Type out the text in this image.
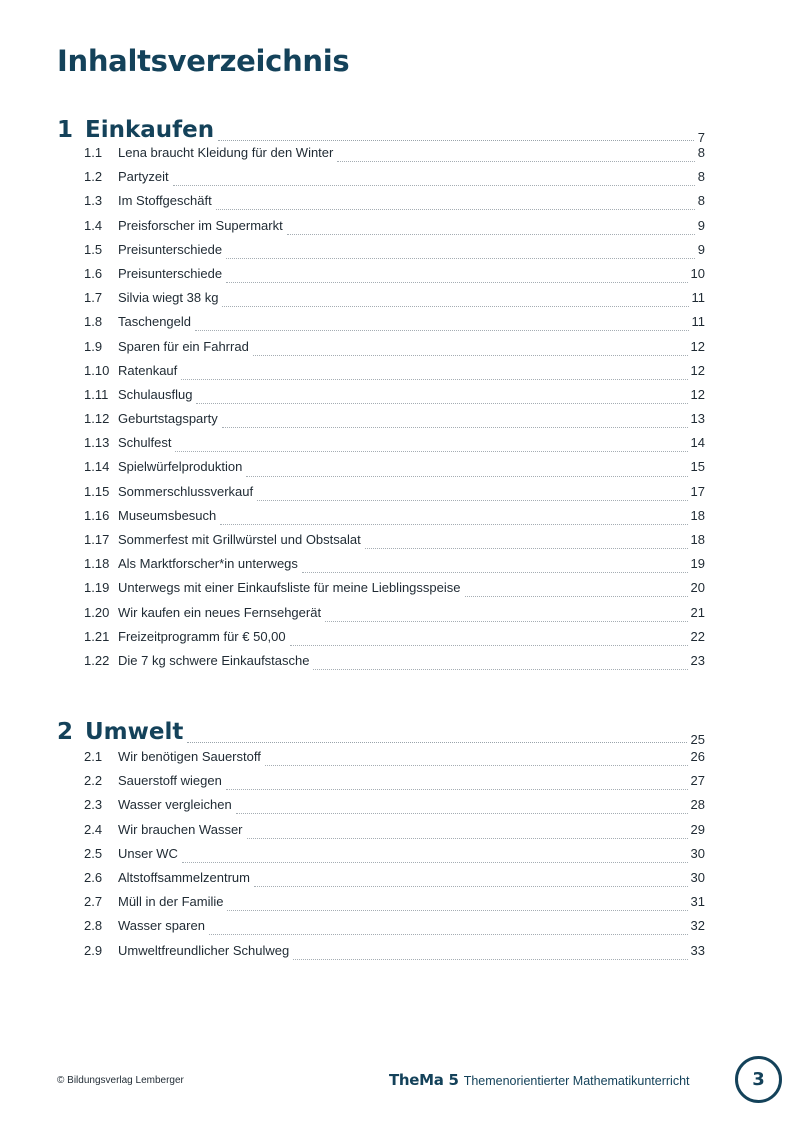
Inhaltsverzeichnis
1 Einkaufen	7
1.1	Lena braucht Kleidung für den Winter	8
1.2	Partyzeit	8
1.3	Im Stoffgeschäft	8
1.4	Preisforscher im Supermarkt	9
1.5	Preisunterschiede	9
1.6	Preisunterschiede	10
1.7	Silvia wiegt 38 kg	11
1.8	Taschengeld	11
1.9	Sparen für ein Fahrrad	12
1.10 Ratenkauf	12
1.11 Schulausflug	12
1.12 Geburtstagsparty	13
1.13 Schulfest	14
1.14 Spielwürfelproduktion	15
1.15 Sommerschlussverkauf	17
1.16 Museumsbesuch	18
1.17 Sommerfest mit Grillwürstel und Obstsalat	18
1.18 Als Marktforscher*in unterwegs	19
1.19 Unterwegs mit einer Einkaufsliste für meine Lieblingsspeise	20
1.20 Wir kaufen ein neues Fernsehgerät	21
1.21 Freizeitprogramm für € 50,00	22
1.22 Die 7 kg schwere Einkaufstasche	23
2 Umwelt	25
2.1	Wir benötigen Sauerstoff	26
2.2	Sauerstoff wiegen	27
2.3	Wasser vergleichen	28
2.4	Wir brauchen Wasser	29
2.5	Unser WC	30
2.6	Altstoffsammelzentrum	30
2.7	Müll in der Familie	31
2.8	Wasser sparen	32
2.9	Umweltfreundlicher Schulweg	33
© Bildungsverlag Lemberger	TheMa 5 Themenorientierter Mathematikunterricht	3
